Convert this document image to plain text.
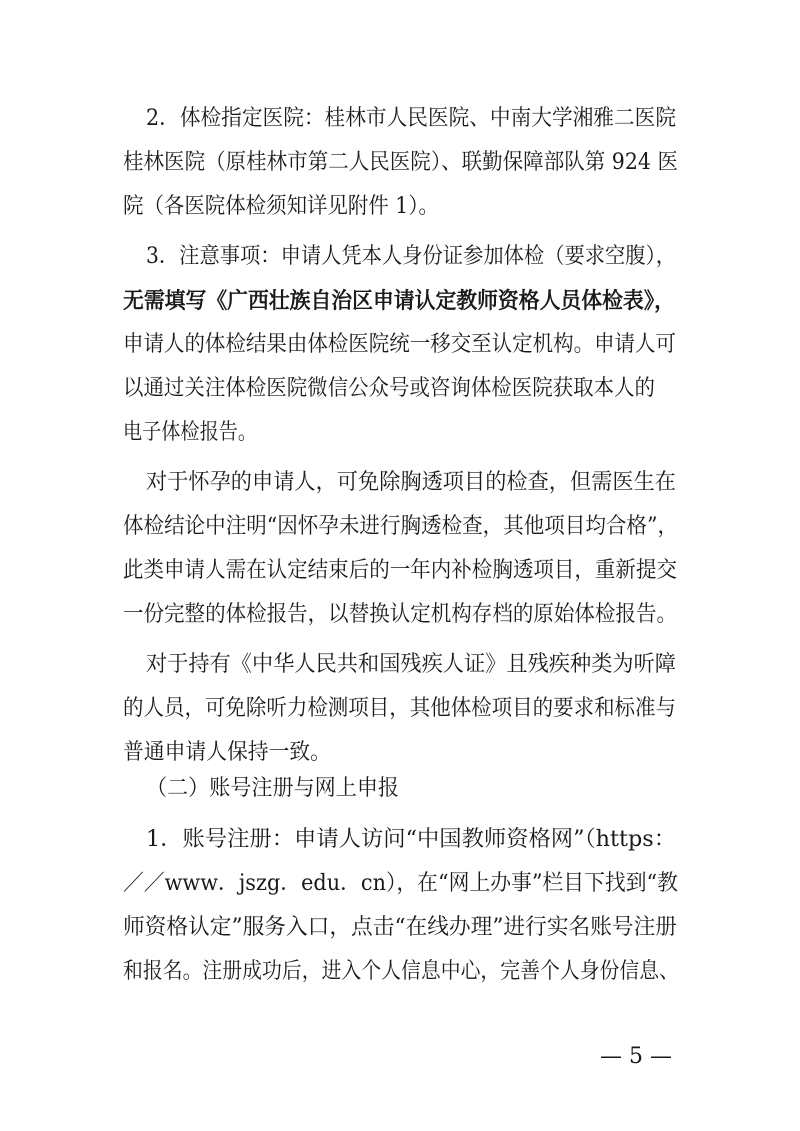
2．体检指定医院：桂林市人民医院、中南大学湘雅二医院
桂林医院（原桂林市第二人民医院）、联勤保障部队第 924 医
院（各医院体检须知详见附件 1）。
3．注意事项：申请人凭本人身份证参加体检（要求空腹），
无需填写《广西壮族自治区申请认定教师资格人员体检表》，
申请人的体检结果由体检医院统一移交至认定机构。申请人可
以通过关注体检医院微信公众号或咨询体检医院获取本人的
电子体检报告。
对于怀孕的申请人，可免除胸透项目的检查，但需医生在
体检结论中注明“因怀孕未进行胸透检查，其他项目均合格”，
此类申请人需在认定结束后的一年内补检胸透项目，重新提交
一份完整的体检报告，以替换认定机构存档的原始体检报告。
对于持有《中华人民共和国残疾人证》且残疾种类为听障
的人员，可免除听力检测项目，其他体检项目的要求和标准与
普通申请人保持一致。
（二）账号注册与网上申报
1．账号注册：申请人访问“中国教师资格网”（https：
／／www．jszg．edu．cn），在“网上办事”栏目下找到“教
师资格认定”服务入口，点击“在线办理”进行实名账号注册
和报名。注册成功后，进入个人信息中心，完善个人身份信息、
— 5 —
